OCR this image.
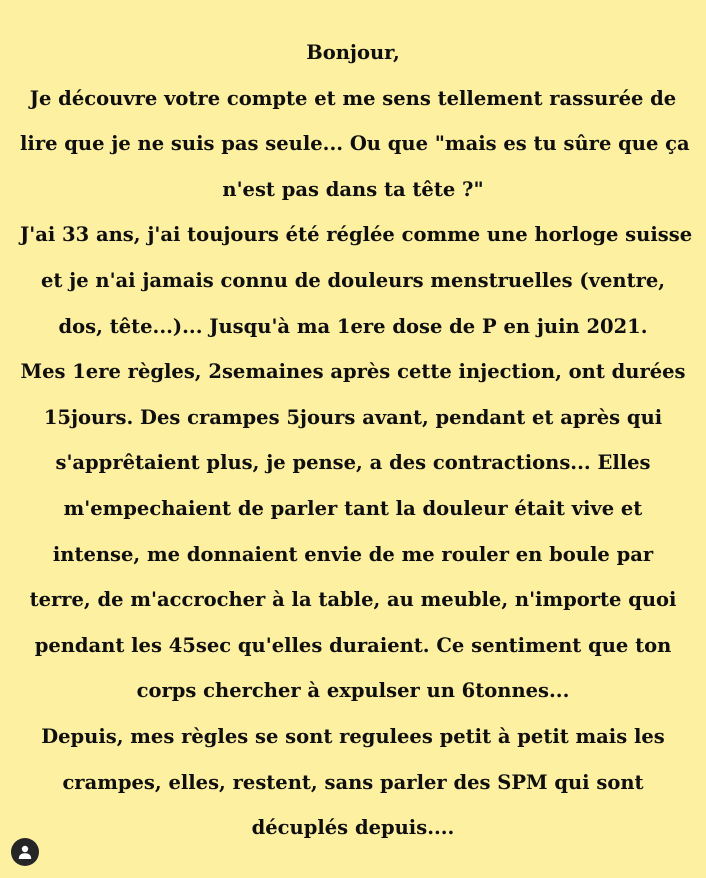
Bonjour,
Je découvre votre compte et me sens tellement rassurée de
lire que je ne suis pas seule... Ou que "mais es tu sûre que ça
n'est pas dans ta tête ?"
J'ai 33 ans, j'ai toujours été réglée comme une horloge suisse
et je n'ai jamais connu de douleurs menstruelles (ventre,
dos, tête...)... Jusqu'à ma 1ere dose de P en juin 2021.
Mes 1ere règles, 2semaines après cette injection, ont durées
15jours. Des crampes 5jours avant, pendant et après qui
s'apprêtaient plus, je pense, a des contractions... Elles
m'empechaient de parler tant la douleur était vive et
intense, me donnaient envie de me rouler en boule par
terre, de m'accrocher à la table, au meuble, n'importe quoi
pendant les 45sec qu'elles duraient. Ce sentiment que ton
corps chercher à expulser un 6tonnes...
Depuis, mes règles se sont regulees petit à petit mais les
crampes, elles, restent, sans parler des SPM qui sont
décuplés depuis....
